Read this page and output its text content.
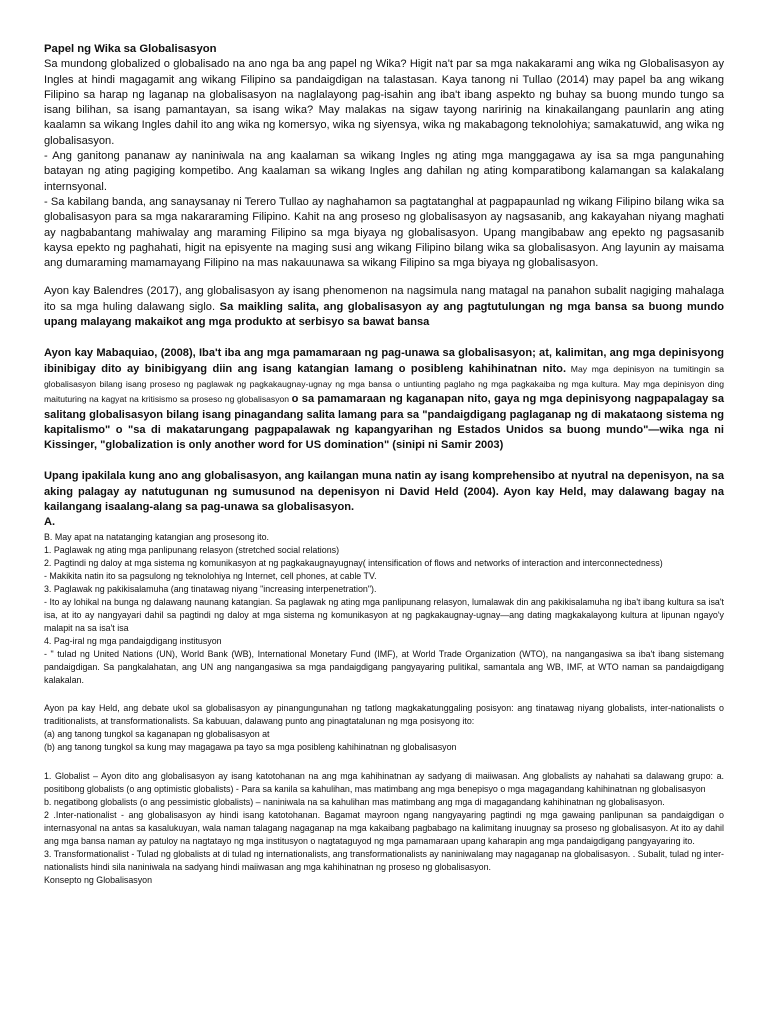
Papel ng Wika sa Globalisasyon

Sa mundong globalized o globalisado na ano nga ba ang papel ng Wika? Higit na't par sa mga nakakarami ang wika ng Globalisasyon ay Ingles at hindi magagamit ang wikang Filipino sa pandaigdigan na talastasan. Kaya tanong ni Tullao (2014) may papel ba ang wikang Filipino sa harap ng laganap na globalisasyon na naglalayong pag-isahin ang iba't ibang aspekto ng buhay sa buong mundo tungo sa isang bilihan, sa isang pamantayan, sa isang wika? May malakas na sigaw tayong naririnig na kinakailangang paunlarin ang ating kaalamn sa wikang Ingles dahil ito ang wika ng komersyo, wika ng siyensya, wika ng makabagong teknolohiya; samakatuwid, ang wika ng globalisasyon.

- Ang ganitong pananaw ay naniniwala na ang kaalaman sa wikang Ingles ng ating mga manggagawa ay isa sa mga pangunahing batayan ng ating pagiging kompetibo. Ang kaalaman sa wikang Ingles ang dahilan ng ating komparatibong kalamangan sa kalakalang internsyonal.

- Sa kabilang banda, ang sanaysanay ni Terero Tullao ay naghahamon sa pagtatanghal at pagpapaunlad ng wikang Filipino bilang wika sa globalisasyon para sa mga nakararaming Filipino. Kahit na ang proseso ng globalisasyon ay nagsasanib, ang kakayahan niyang maghati ay nagbabantang mahiwalay ang maraming Filipino sa mga biyaya ng globalisasyon. Upang mangibabaw ang epekto ng pagsasanib kaysa epekto ng paghahati, higit na episyente na maging susi ang wikang Filipino bilang wika sa globalisasyon. Ang layunin ay maisama ang dumaraming mamamayang Filipino na mas nakauunawa sa wikang Filipino sa mga biyaya ng globalisasyon.

Ayon kay Balendres (2017), ang globalisasyon ay isang phenomenon na nagsimula nang matagal na panahon subalit nagiging mahalaga ito sa mga huling dalawang siglo. Sa maikling salita, ang globalisasyon ay ang pagtutulungan ng mga bansa sa buong mundo upang malayang makaikot ang mga produkto at serbisyo sa bawat bansa

Ayon kay Mabaquiao, (2008), Iba't iba ang mga pamamaraan ng pag-unawa sa globalisasyon; at, kalimitan, ang mga depinisyong ibinibigay dito ay binibigyang diin ang isang katangian lamang o posibleng kahihinatnan nito. May mga depinisyon na tumitingin sa globalisasyon bilang isang proseso ng paglawak ng pagkakaugnay-ugnay ng mga bansa o untiunting paglaho ng mga pagkakaiba ng mga kultura. May mga depinisyon ding maituturing na kagyat na kritisismo sa proseso ng globalisasyon o sa pamamaraan ng kaganapan nito, gaya ng mga depinisyong nagpapalagay sa salitang globalisasyon bilang isang pinagandang salita lamang para sa "pandaigdigang paglaganap ng di makataong sistema ng kapitalismo" o "sa di makatarungang pagpapalawak ng kapangyarihan ng Estados Unidos sa buong mundo"—wika nga ni Kissinger, "globalization is only another word for US domination" (sinipi ni Samir 2003)

Upang ipakilala kung ano ang globalisasyon, ang kailangan muna natin ay isang komprehensibo at nyutral na depenisyon, na sa aking palagay ay natutugunan ng sumusunod na depenisyon ni David Held (2004). Ayon kay Held, may dalawang bagay na kailangang isaalang-alang sa pag-unawa sa globalisasyon.

A.

B. May apat na natatanging katangian ang prosesong ito.

1. Paglawak ng ating mga panlipunang relasyon (stretched social relations)

2. Pagtindi ng daloy at mga sistema ng komunikasyon at ng pagkakaugnayugnay( intensification of flows and networks of interaction and interconnectedness)

- Makikita natin ito sa pagsulong ng teknolohiya ng Internet, cell phones, at cable TV.

3. Paglawak ng pakikisalamuha (ang tinatawag niyang "increasing interpenetration").

- Ito ay lohikal na bunga ng dalawang naunang katangian. Sa paglawak ng ating mga panlipunang relasyon, lumalawak din ang pakikisalamuha ng iba't ibang kultura sa isa't isa, at ito ay nangyayari dahil sa pagtindi ng daloy at mga sistema ng komunikasyon at ng pagkakaugnay-ugnay—ang dating magkakalayong kultura at lipunan ngayo'y malapit na sa isa't isa

4. Pag-iral ng mga pandaigdigang institusyon

- " tulad ng United Nations (UN), World Bank (WB), International Monetary Fund (IMF), at World Trade Organization (WTO), na nangangasiwa sa iba't ibang sistemang pandaigdigan. Sa pangkalahatan, ang UN ang nangangasiwa sa mga pandaigdigang pangyayaring pulitikal, samantala ang WB, IMF, at WTO naman sa pandaigdigang kalakalan.

Ayon pa kay Held, ang debate ukol sa globalisasyon ay pinangungunahan ng tatlong magkakatunggaling posisyon: ang tinatawag niyang globalists, inter-nationalists o traditionalists, at transformationalists. Sa kabuuan, dalawang punto ang pinagtatalunan ng mga posisyong ito:

(a) ang tanong tungkol sa kaganapan ng globalisasyon at

(b) ang tanong tungkol sa kung may magagawa pa tayo sa mga posibleng kahihinatnan ng globalisasyon

1. Globalist – Ayon dito ang globalisasyon ay isang katotohanan na ang mga kahihinatnan ay sadyang di maiiwasan. Ang globalists ay nahahati sa dalawang grupo: a. positibong globalists (o ang optimistic globalists) - Para sa kanila sa kahulihan, mas matimbang ang mga benepisyo o mga magagandang kahihinatnan ng globalisasyon

b. negatibong globalists (o ang pessimistic globalists) – naniniwala na sa kahulihan mas matimbang ang mga di magagandang kahihinatnan ng globalisasyon.

2 .Inter-nationalist - ang globalisasyon ay hindi isang katotohanan. Bagamat mayroon ngang nangyayaring pagtindi ng mga gawaing panlipunan sa pandaigdigan o internasyonal na antas sa kasalukuyan, wala naman talagang nagaganap na mga kakaibang pagbabago na kalimitang inuugnay sa proseso ng globalisasyon. At ito ay dahil ang mga bansa naman ay patuloy na nagtatayo ng mga institusyon o nagtataguyod ng mga pamamaraan upang kaharapin ang mga pandaigdigang pangyayaring ito.

3. Transformationalist - Tulad ng globalists at di tulad ng internationalists, ang transformationalists ay naniniwalang may nagaganap na globalisasyon. . Subalit, tulad ng inter-nationalists hindi sila naniniwala na sadyang hindi maiiwasan ang mga kahihinatnan ng proseso ng globalisasyon.

Konsepto ng Globalisasyon
